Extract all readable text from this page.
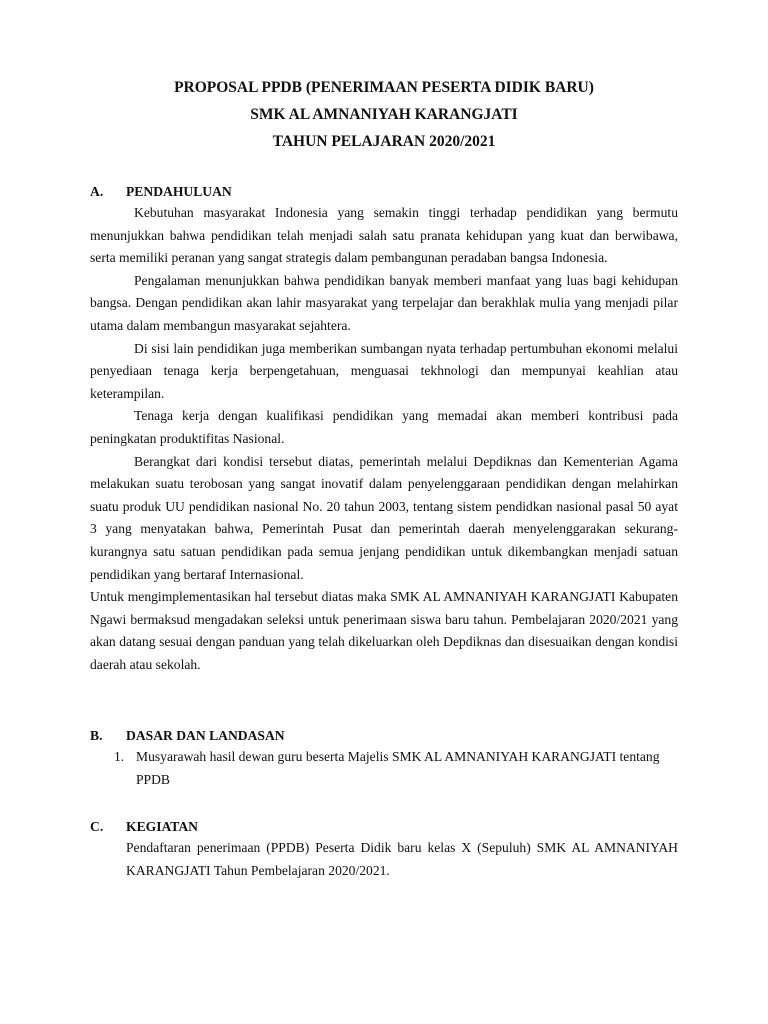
PROPOSAL PPDB (PENERIMAAN PESERTA DIDIK BARU)
SMK AL AMNANIYAH KARANGJATI
TAHUN PELAJARAN 2020/2021
A. PENDAHULUAN

Kebutuhan masyarakat Indonesia yang semakin tinggi terhadap pendidikan yang bermutu menunjukkan bahwa pendidikan telah menjadi salah satu pranata kehidupan yang kuat dan berwibawa, serta memiliki peranan yang sangat strategis dalam pembangunan peradaban bangsa Indonesia.

Pengalaman menunjukkan bahwa pendidikan banyak memberi manfaat yang luas bagi kehidupan bangsa. Dengan pendidikan akan lahir masyarakat yang terpelajar dan berakhlak mulia yang menjadi pilar utama dalam membangun masyarakat sejahtera.

Di sisi lain pendidikan juga memberikan sumbangan nyata terhadap pertumbuhan ekonomi melalui penyediaan tenaga kerja berpengetahuan, menguasai tekhnologi dan mempunyai keahlian atau keterampilan.

Tenaga kerja dengan kualifikasi pendidikan yang memadai akan memberi kontribusi pada peningkatan produktifitas Nasional.

Berangkat dari kondisi tersebut diatas, pemerintah melalui Depdiknas dan Kementerian Agama melakukan suatu terobosan yang sangat inovatif dalam penyelenggaraan pendidikan dengan melahirkan suatu produk UU pendidikan nasional No. 20 tahun 2003, tentang sistem pendidkan nasional pasal 50 ayat 3 yang menyatakan bahwa, Pemerintah Pusat dan pemerintah daerah menyelenggarakan sekurang-kurangnya satu satuan pendidikan pada semua jenjang pendidikan untuk dikembangkan menjadi satuan pendidikan yang bertaraf Internasional.

Untuk mengimplementasikan hal tersebut diatas maka SMK AL AMNANIYAH KARANGJATI Kabupaten Ngawi bermaksud mengadakan seleksi untuk penerimaan siswa baru tahun. Pembelajaran 2020/2021 yang akan datang sesuai dengan panduan yang telah dikeluarkan oleh Depdiknas dan disesuaikan dengan kondisi daerah atau sekolah.

B. DASAR DAN LANDASAN
1. Musyarawah hasil dewan guru beserta Majelis SMK AL AMNANIYAH KARANGJATI tentang PPDB
C. KEGIATAN

Pendaftaran penerimaan (PPDB) Peserta Didik baru kelas X (Sepuluh) SMK AL AMNANIYAH KARANGJATI Tahun Pembelajaran 2020/2021.
